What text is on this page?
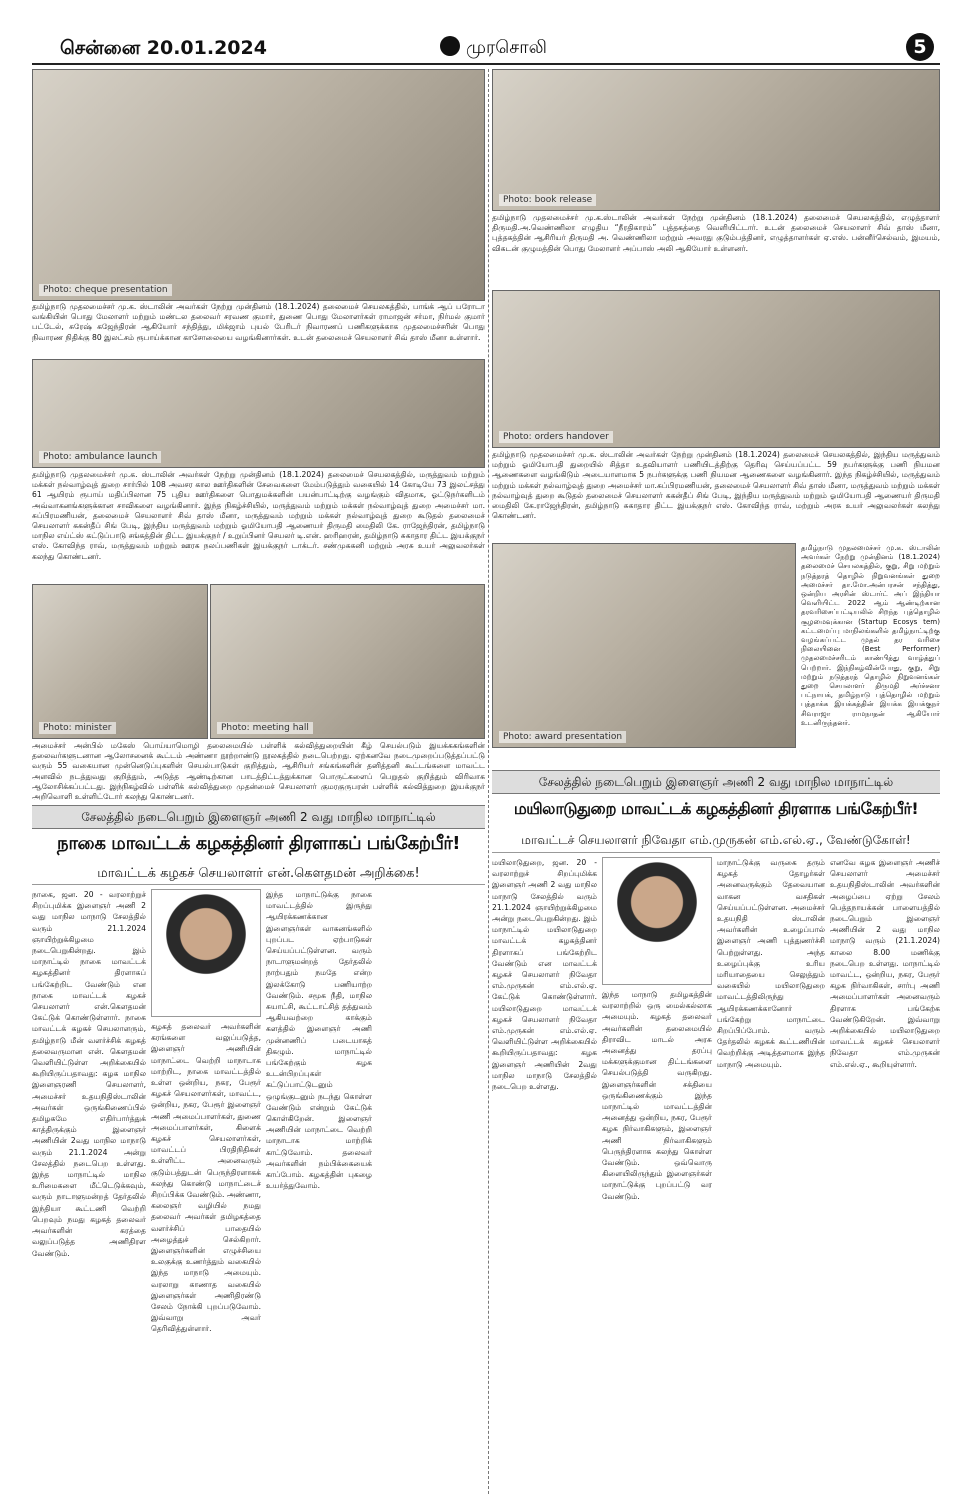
சென்னை 20.01.2024	முரசொலி	5
Photo: cheque presentation
தமிழ்நாடு முதலமைச்சர் மு.க. ஸ்டாலின் அவர்கள் நேற்று முன்தினம் (18.1.2024) தலைமைச் செயலகத்தில், பாங்க் ஆப் பரோடா வங்கியின் பொது மேலாளர் மற்றும் மண்டல தலைவர் சரவண குமார், துணை பொது மேலாளர்கள் ராமாஜன் சர்மா, நிர்மல் குமார் பட்டேல், சுரேஷ் கஜேந்திரன் ஆகியோர் சந்தித்து, மிக்ஜாம் புயல் பேரிடர் நிவாரணப் பணிகளுக்காக முதலமைச்சரின் பொது நிவாரண நிதிக்கு 80 இலட்சம் ரூபாய்க்கான காசோலையை வழங்கினார்கள். உடன் தலைமைச் செயலாளர் சிவ் தாஸ் மீனா உள்ளார்.
Photo: ambulance launch
தமிழ்நாடு முதலமைச்சர் மு.க. ஸ்டாலின் அவர்கள் நேற்று முன்தினம் (18.1.2024) தலைமைச் செயலகத்தில், மருத்துவம் மற்றும் மக்கள் நல்வாழ்வுத் துறை சார்பில் 108 அவசர கால ஊர்திகளின் சேவைகளை மேம்படுத்தும் வகையில் 14 கோடியே 73 இலட்சத்து 61 ஆயிரம் ரூபாய் மதிப்பிலான 75 புதிய ஊர்திகளை பொதுமக்களின் பயன்பாட்டிற்கு வழங்கும் விதமாக, ஓட்டுநர்களிடம் அவ்வாகனங்களுக்கான சாவிகளை வழங்கினார். இந்த நிகழ்ச்சியில், மருத்துவம் மற்றும் மக்கள் நல்வாழ்வுத் துறை அமைச்சர் மா. சுப்பிரமணியன், தலைமைச் செயலாளர் சிவ் தாஸ் மீனா, மருத்துவம் மற்றும் மக்கள் நல்வாழ்வுத் துறை கூடுதல் தலைமைச் செயலாளர் ககன்தீப் சிங் பேடி, இந்திய மருத்துவம் மற்றும் ஓமியோபதி ஆணையர் திருமதி மைதிலி கே. ராஜேந்திரன், தமிழ்நாடு மாநில எய்ட்ஸ் கட்டுப்பாடு சங்கத்தின் திட்ட இயக்குநர் / உறுப்பினர் செயலர் டி.என். ஹரிஹரன், தமிழ்நாடு சுகாதார திட்ட இயக்குநர் எஸ். கோவிந்த ராவ், மருத்துவம் மற்றும் ஊரக நலப்பணிகள் இயக்குநர் டாக்டர். சண்முககனி மற்றும் அரசு உயர் அலுவலர்கள் கலந்து கொண்டனர்.
Photo: minister	Photo: meeting hall
அமைச்சர் அன்பில் மகேஸ் பொய்யாமொழி தலைமையில் பள்ளிக் கல்வித்துறையின் கீழ் செயல்படும் இயக்ககங்களின் தலைவர்களுடனான ஆலோசனைக் கூட்டம் அண்ணா நூற்றாண்டு நூலகத்தில் நடைபெற்றது. ஏற்கனவே நடைமுறைப்படுத்தப்பட்டு வரும் 55 வகையான முன்னெடுப்புகளின் செயல்பாடுகள் குறித்தும், ஆசிரியர் சங்கங்களின் தனித்தனி கூட்டங்களை மாவட்ட அளவில் நடத்துவது குறித்தும், அடுத்த ஆண்டிற்கான பாடத்திட்டத்துக்கான பொருட்களைப் பெறுதல் குறித்தும் விரிவாக ஆலோசிக்கப்பட்டது. இந்நிகழ்வில் பள்ளிக் கல்வித்துறை முதன்மைச் செயலாளர் குமரகுருபரன் பள்ளிக் கல்வித்துறை இயக்குநர் அறிவொளி உள்ளிட்டோர் கலந்து கொண்டனர்.
Photo: book release
தமிழ்நாடு முதலமைச்சர் மு.க.ஸ்டாலின் அவர்கள் நேற்று முன்தினம் (18.1.2024) தலைமைச் செயலகத்தில், எழுத்தாளர் திருமதி.அ.வெண்ணிலா எழுதிய “நீரதிகாரம்” புத்தகத்தை வெளியிட்டார். உடன் தலைமைச் செயலாளர் சிவ் தாஸ் மீனா, புத்தகத்தின் ஆசிரியர் திருமதி அ. வெண்ணிலா மற்றும் அவரது குடும்பத்தினர், எழுத்தாளர்கள் ஏ.எஸ். பன்னீர்செல்வம், இமயம், விகடன் குழுமத்தின் பொது மேலாளர் அப்பாஸ் அலி ஆகியோர் உள்ளனர்.
Photo: orders handover
தமிழ்நாடு முதலமைச்சர் மு.க. ஸ்டாலின் அவர்கள் நேற்று முன்தினம் (18.1.2024) தலைமைச் செயலகத்தில், இந்திய மருத்துவம் மற்றும் ஓமியோபதி துறையில் சித்தா உதவியாளர் பணியிடத்திற்கு தெரிவு செய்யப்பட்ட 59 நபர்களுக்கு பணி நியமன ஆணைகளை வழங்கிடும் அடையாளமாக 5 நபர்களுக்கு பணி நியமன ஆணைகளை வழங்கினார். இந்த நிகழ்ச்சியில், மருத்துவம் மற்றும் மக்கள் நல்வாழ்வுத் துறை அமைச்சர் மா.சுப்பிரமணியன், தலைமைச் செயலாளர் சிவ் தாஸ் மீனா, மருத்துவம் மற்றும் மக்கள் நல்வாழ்வுத் துறை கூடுதல் தலைமைச் செயலாளர் ககன்தீப் சிங் பேடி, இந்திய மருத்துவம் மற்றும் ஓமியோபதி ஆணையர் திருமதி மைதிலி கே.ராஜேந்திரன், தமிழ்நாடு சுகாதார திட்ட இயக்குநர் எஸ். கோவிந்த ராவ், மற்றும் அரசு உயர் அலுவலர்கள் கலந்து கொண்டனர்.
Photo: award presentation
தமிழ்நாடு முதலமைச்சர் மு.க. ஸ்டாலின் அவர்கள் நேற்று முன்தினம் (18.1.2024) தலைமைச் செயலகத்தில், குறு, சிறு மற்றும் நடுத்தரத் தொழில் நிறுவனங்கள் துறை அமைச்சர் தா.மோ.அன்பரசன் சந்தித்து, ஒன்றிய அரசின் ஸ்டார்ட் அப் இந்தியா வெளியிட்ட 2022 ஆம் ஆண்டிற்கான தரவரிசைப்பட்டியலில் சிறந்த புத்தொழில் சூழமைவுக்கான (Startup Ecosys tem) கட்டமைப்பு மாநிலங்களில் தமிழ்நாட்டிற்கு வழங்கப்பட்ட முதல் தர வரிசை நிலையினை (Best Performer) முதலமைச்சரிடம் காண்பித்து வாழ்த்துப் பெற்றார். இந்நிகழ்வின்போது, குறு, சிறு மற்றும் நடுத்தரத் தொழில் நிறுவனங்கள் துறை செயலாளர் திருமதி அர்ச்சனா பட்நாயக், தமிழ்நாடு புத்தொழில் மற்றும் புத்தாக்க இயக்கத்தின் இயக்க இயக்குநர் சிவராஜா ராமநாதன் ஆகியோர் உடனிருந்தனர்.
சேலத்தில் நடைபெறும் இளைஞர் அணி 2 வது மாநில மாநாட்டில்
நாகை மாவட்டக் கழகத்தினர் திரளாகப் பங்கேற்பீர்!
மாவட்டக் கழகச் செயலாளர் என்.கௌதமன் அறிக்கை!
நாகை, ஜன. 20 - வரலாற்றுச் சிறப்புமிக்க இளைஞர் அணி 2 வது மாநில மாநாடு சேலத்தில் வரும் 21.1.2024 ஞாயிற்றுக்கிழமை நடைபெறுகின்றது. இம் மாநாட்டில் நாகை மாவட்டக் கழகத்தினர் திரளாகப் பங்கேற்றிட வேண்டும் என நாகை மாவட்டக் கழகச் செயலாளர் என்.கௌதமன் கேட்டுக் கொண்டுள்ளார். நாகை மாவட்டக் கழகச் செயலாளரும், தமிழ்நாடு மீன் வளர்ச்சிக் கழகத் தலைவருமான என். கௌதமன் வெளியிட்டுள்ள அறிக்கையில் கூறியிருப்பதாவது: கழக மாநில இளைஞரணி செயலாளர், அமைச்சர் உதயநிதிஸ்டாலின் அவர்கள் ஒருங்கிணைப்பில் தமிழகமே எதிர்பார்த்துக் காத்திருக்கும் இளைஞர் அணியின் 2வது மாநில மாநாடு வரும் 21.1.2024 அன்று சேலத்தில் நடைபெற உள்ளது. இந்த மாநாட்டில் மாநில உரிமைகளை மீட்டெடுக்கவும், வரும் நாடாளுமன்றத் தேர்தலில் இந்தியா கூட்டணி வெற்றி பெறவும் நமது கழகத் தலைவர் அவர்களின் கரத்தை வலுப்படுத்த அணிதிரள வேண்டும்.
கழகத் தலைவர் அவர்களின் கரங்களை வலுப்படுத்த, இளைஞர் அணியின் மாநாட்டை வெற்றி மாநாடாக மாற்றிட, நாகை மாவட்டத்தில் உள்ள ஒன்றிய, நகர, பேரூர் கழகச் செயலாளர்கள், மாவட்ட, ஒன்றிய, நகர, பேரூர் இளைஞர் அணி அமைப்பாளர்கள், துணை அமைப்பாளர்கள், கிளைக் கழகச் செயலாளர்கள், மாவட்டப் பிரதிநிதிகள் உள்ளிட்ட அனைவரும் குடும்பத்துடன் பெருந்திரளாகக் கலந்து கொண்டு மாநாட்டைச் சிறப்பிக்க வேண்டும். அண்ணா, கலைஞர் வழியில் நமது தலைவர் அவர்கள் தமிழகத்தை வளர்ச்சிப் பாதையில் அழைத்துச் செல்கிறார். இளைஞர்களின் எழுச்சியை உலகுக்கு உணர்த்தும் வகையில் இந்த மாநாடு அமையும். வரலாறு காணாத வகையில் இளைஞர்கள் அணிதிரண்டு சேலம் நோக்கி புறப்படுவோம். இவ்வாறு அவர் தெரிவித்துள்ளார்.
இந்த மாநாட்டுக்கு நாகை மாவட்டத்தில் இருந்து ஆயிரக்கணக்கான இளைஞர்கள் வாகனங்களில் புறப்பட ஏற்பாடுகள் செய்யப்பட்டுள்ளன. வரும் நாடாளுமன்றத் தேர்தலில் நாற்பதும் நமதே என்ற இலக்கோடு பணியாற்ற வேண்டும். சமூக நீதி, மாநில சுயாட்சி, கூட்டாட்சித் தத்துவம் ஆகியவற்றை காக்கும் களத்தில் இளைஞர் அணி முன்னணிப் படையாகத் திகழும். மாநாட்டில் பங்கேற்கும் கழக உடன்பிறப்புகள் கட்டுப்பாட்டுடனும் ஒழுங்குடனும் நடந்து கொள்ள வேண்டும் என்றும் கேட்டுக் கொள்கிறேன். இளைஞர் அணியின் மாநாட்டை வெற்றி மாநாடாக மாற்றிக் காட்டுவோம். தலைவர் அவர்களின் நம்பிக்கையைக் காப்போம். கழகத்தின் புகழை உயர்த்துவோம்.
சேலத்தில் நடைபெறும் இளைஞர் அணி 2 வது மாநில மாநாட்டில்
மயிலாடுதுறை மாவட்டக் கழகத்தினர் திரளாக பங்கேற்பீர்!
மாவட்டச் செயலாளர் நிவேதா எம்.முருகன் எம்.எல்.ஏ., வேண்டுகோள்!
மயிலாடுதுறை, ஜன. 20 - வரலாற்றுச் சிறப்புமிக்க இளைஞர் அணி 2 வது மாநில மாநாடு சேலத்தில் வரும் 21.1.2024 ஞாயிற்றுக்கிழமை அன்று நடைபெறுகின்றது. இம் மாநாட்டில் மயிலாடுதுறை மாவட்டக் கழகத்தினர் திரளாகப் பங்கேற்றிட வேண்டும் என மாவட்டக் கழகச் செயலாளர் நிவேதா எம்.முருகன் எம்.எல்.ஏ. கேட்டுக் கொண்டுள்ளார். மயிலாடுதுறை மாவட்டக் கழகச் செயலாளர் நிவேதா எம்.முருகன் எம்.எல்.ஏ. வெளியிட்டுள்ள அறிக்கையில் கூறியிருப்பதாவது: கழக இளைஞர் அணியின் 2வது மாநில மாநாடு சேலத்தில் நடைபெற உள்ளது.
இந்த மாநாடு தமிழகத்தின் வரலாற்றில் ஒரு மைல்கல்லாக அமையும். கழகத் தலைவர் அவர்களின் தலைமையில் திராவிட மாடல் அரசு அனைத்து தரப்பு மக்களுக்குமான திட்டங்களை செயல்படுத்தி வருகிறது. இளைஞர்களின் சக்தியை ஒருங்கிணைக்கும் இந்த மாநாட்டில் மாவட்டத்தின் அனைத்து ஒன்றிய, நகர, பேரூர் கழக நிர்வாகிகளும், இளைஞர் அணி நிர்வாகிகளும் பெருந்திரளாக கலந்து கொள்ள வேண்டும். ஒவ்வொரு கிளையிலிருந்தும் இளைஞர்கள் மாநாட்டுக்கு புறப்பட்டு வர வேண்டும்.
மாநாட்டுக்கு வருகை தரும் கழகத் தோழர்கள் அனைவருக்கும் தேவையான வாகன வசதிகள் செய்யப்பட்டுள்ளன. அமைச்சர் உதயநிதி ஸ்டாலின் அவர்களின் உழைப்பால் இளைஞர் அணி புத்துணர்ச்சி பெற்றுள்ளது. அந்த உழைப்புக்கு உரிய மரியாதையை செலுத்தும் வகையில் மயிலாடுதுறை மாவட்டத்திலிருந்து ஆயிரக்கணக்கானோர் பங்கேற்று மாநாட்டை சிறப்பிப்போம். வரும் தேர்தலில் கழகக் கூட்டணியின் வெற்றிக்கு அடித்தளமாக இந்த மாநாடு அமையும்.
எனவே கழக இளைஞர் அணிச் செயலாளர் அமைச்சர் உதயநிதிஸ்டாலின் அவர்களின் அழைப்பை ஏற்று சேலம் பெத்தநாயக்கன் பாளையத்தில் நடைபெறும் இளைஞர் அணியின் 2 வது மாநில மாநாடு வரும் (21.1.2024) காலை 8.00 மணிக்கு நடைபெற உள்ளது. மாநாட்டில் மாவட்ட, ஒன்றிய, நகர, பேரூர் கழக நிர்வாகிகள், சார்பு அணி அமைப்பாளர்கள் அனைவரும் திரளாக பங்கேற்க வேண்டுகிறேன். இவ்வாறு அறிக்கையில் மயிலாடுதுறை மாவட்டக் கழகச் செயலாளர் நிவேதா எம்.முருகன் எம்.எல்.ஏ., கூறியுள்ளார்.
